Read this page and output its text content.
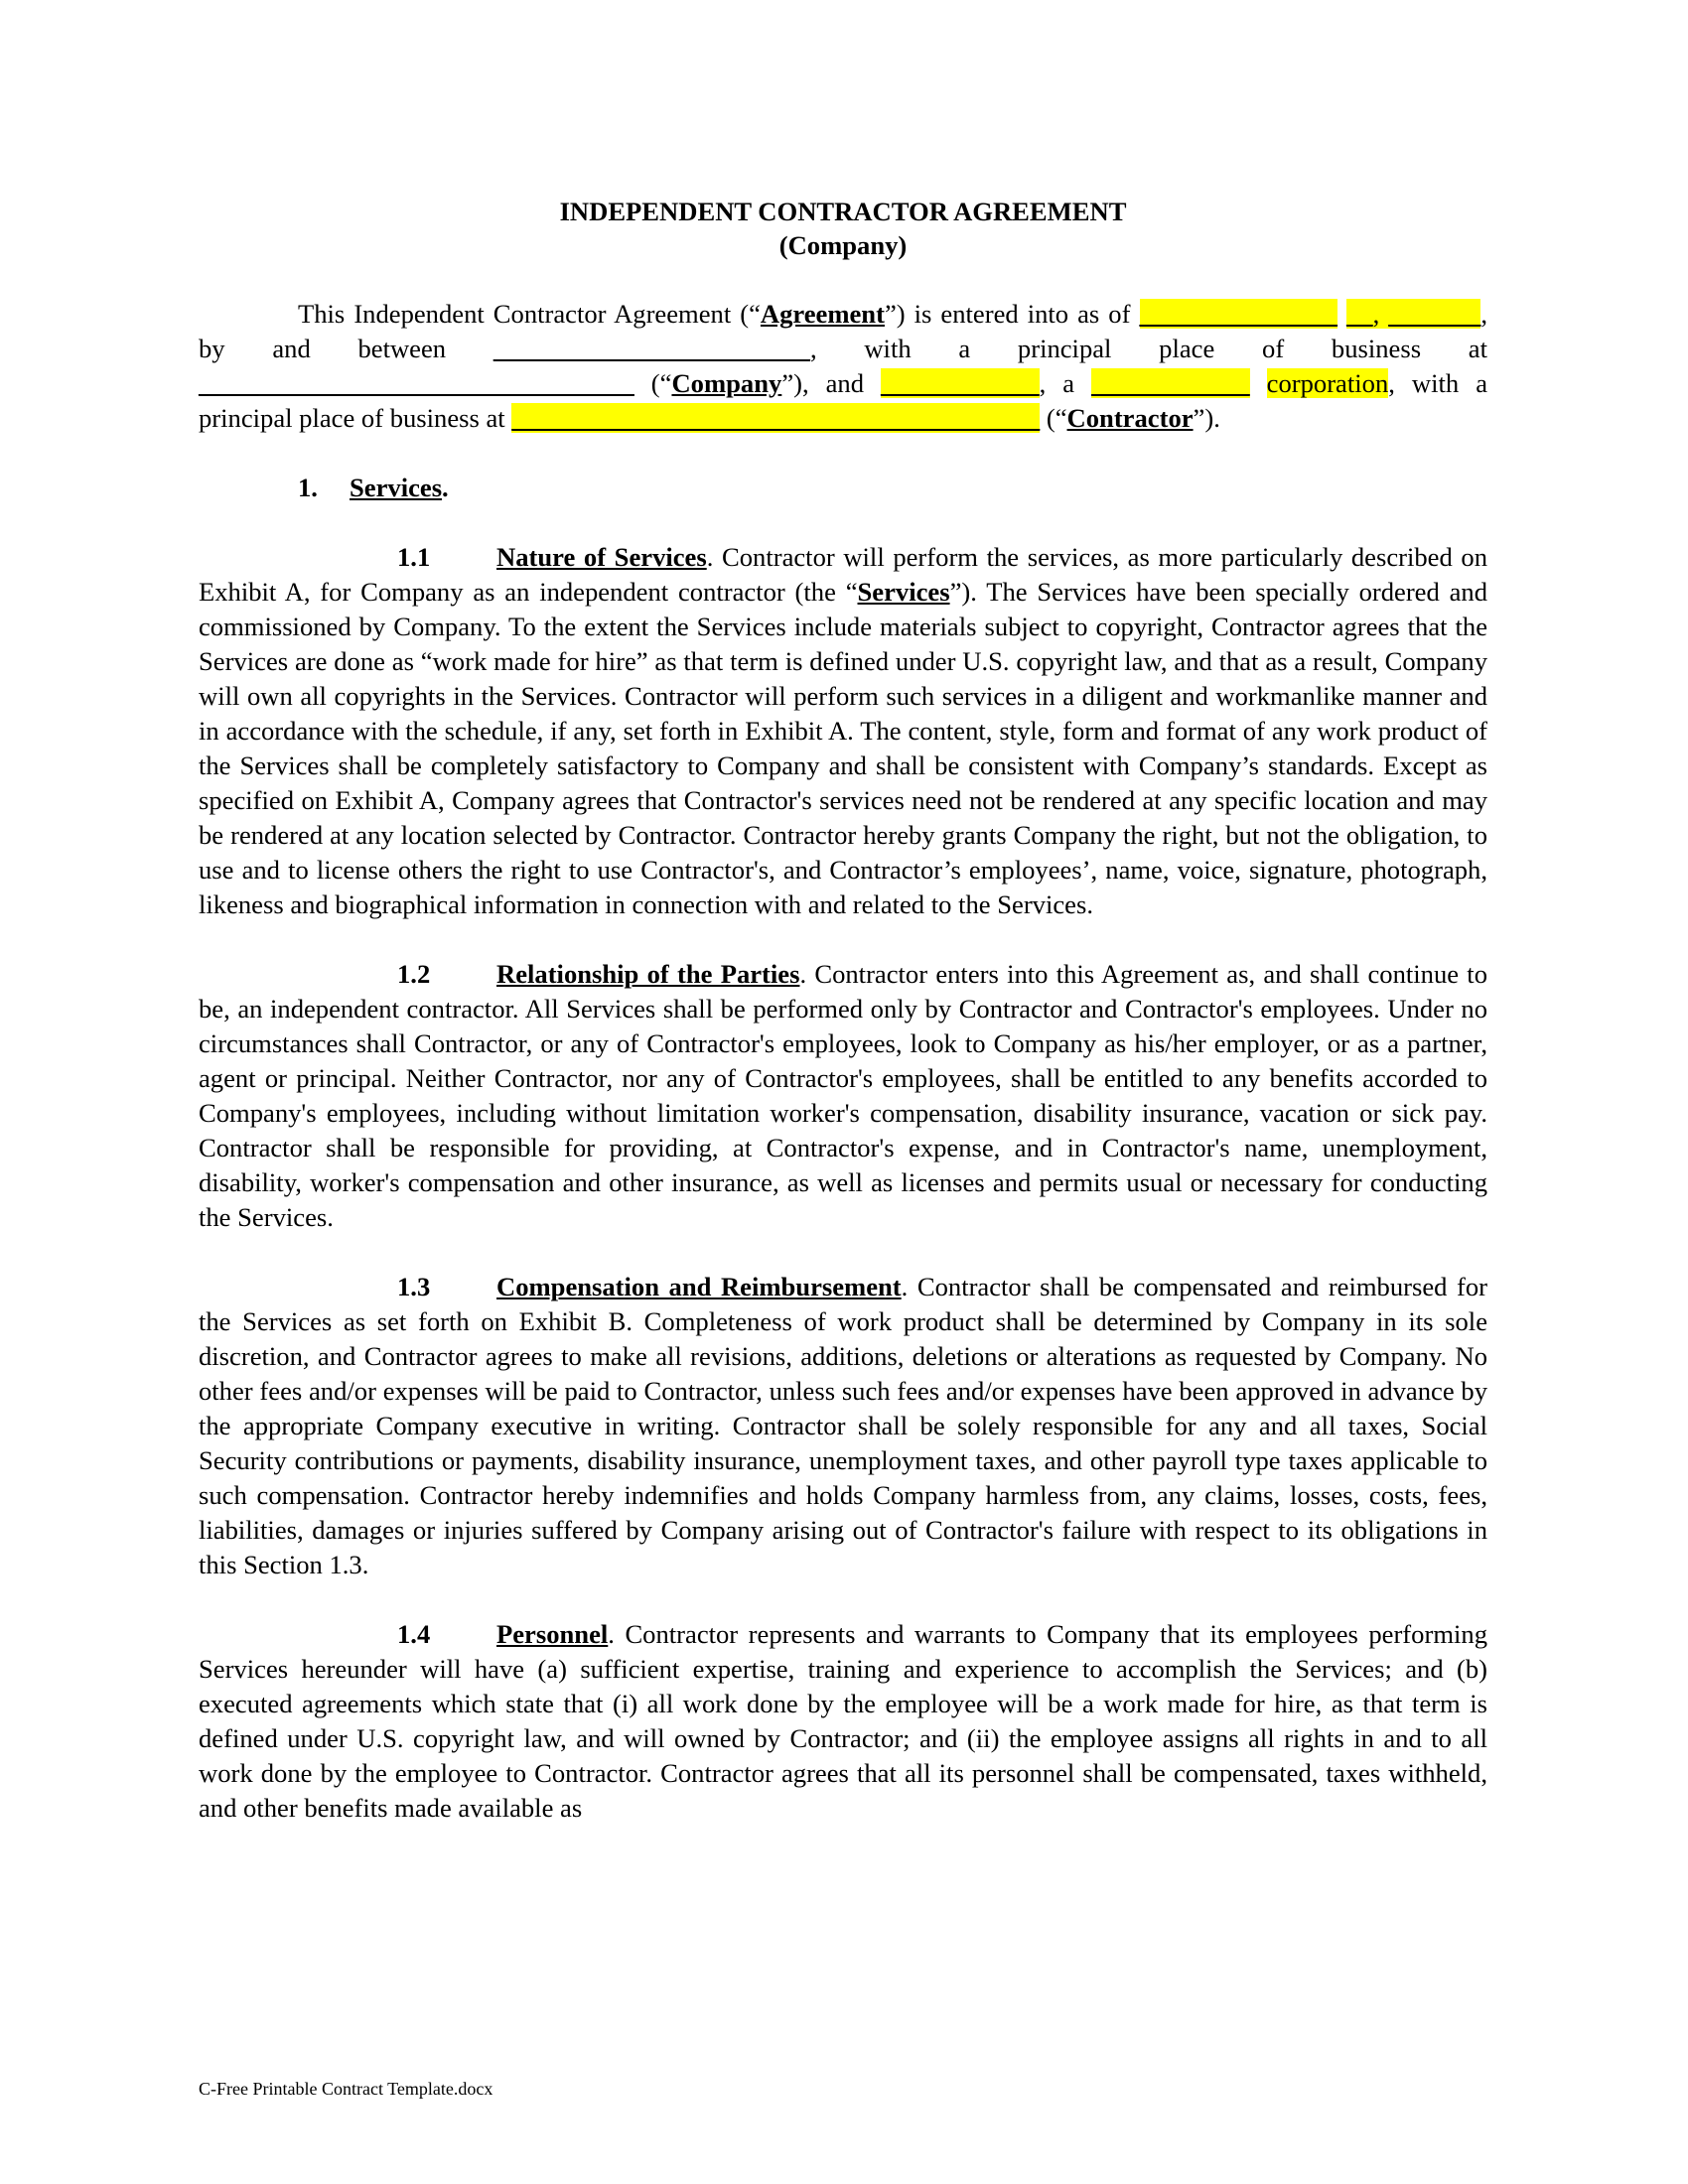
INDEPENDENT CONTRACTOR AGREEMENT
(Company)

This Independent Contractor Agreement (“Agreement”) is entered into as of _______________ __, _______, by and between ________________________, with a principal place of business at _________________________________ (“Company”), and ____________, a ____________ corporation, with a principal place of business at ________________________________________ (“Contractor”).

1. Services.

1.1	Nature of Services. Contractor will perform the services, as more particularly described on Exhibit A, for Company as an independent contractor (the “Services”). The Services have been specially ordered and commissioned by Company. To the extent the Services include materials subject to copyright, Contractor agrees that the Services are done as “work made for hire” as that term is defined under U.S. copyright law, and that as a result, Company will own all copyrights in the Services. Contractor will perform such services in a diligent and workmanlike manner and in accordance with the schedule, if any, set forth in Exhibit A. The content, style, form and format of any work product of the Services shall be completely satisfactory to Company and shall be consistent with Company’s standards. Except as specified on Exhibit A, Company agrees that Contractor's services need not be rendered at any specific location and may be rendered at any location selected by Contractor. Contractor hereby grants Company the right, but not the obligation, to use and to license others the right to use Contractor's, and Contractor’s employees’, name, voice, signature, photograph, likeness and biographical information in connection with and related to the Services.

1.2	Relationship of the Parties. Contractor enters into this Agreement as, and shall continue to be, an independent contractor. All Services shall be performed only by Contractor and Contractor's employees. Under no circumstances shall Contractor, or any of Contractor's employees, look to Company as his/her employer, or as a partner, agent or principal. Neither Contractor, nor any of Contractor's employees, shall be entitled to any benefits accorded to Company's employees, including without limitation worker's compensation, disability insurance, vacation or sick pay. Contractor shall be responsible for providing, at Contractor's expense, and in Contractor's name, unemployment, disability, worker's compensation and other insurance, as well as licenses and permits usual or necessary for conducting the Services.

1.3	Compensation and Reimbursement. Contractor shall be compensated and reimbursed for the Services as set forth on Exhibit B. Completeness of work product shall be determined by Company in its sole discretion, and Contractor agrees to make all revisions, additions, deletions or alterations as requested by Company. No other fees and/or expenses will be paid to Contractor, unless such fees and/or expenses have been approved in advance by the appropriate Company executive in writing. Contractor shall be solely responsible for any and all taxes, Social Security contributions or payments, disability insurance, unemployment taxes, and other payroll type taxes applicable to such compensation. Contractor hereby indemnifies and holds Company harmless from, any claims, losses, costs, fees, liabilities, damages or injuries suffered by Company arising out of Contractor's failure with respect to its obligations in this Section 1.3.

1.4	Personnel. Contractor represents and warrants to Company that its employees performing Services hereunder will have (a) sufficient expertise, training and experience to accomplish the Services; and (b) executed agreements which state that (i) all work done by the employee will be a work made for hire, as that term is defined under U.S. copyright law, and will owned by Contractor; and (ii) the employee assigns all rights in and to all work done by the employee to Contractor. Contractor agrees that all its personnel shall be compensated, taxes withheld, and other benefits made available as

C-Free Printable Contract Template.docx
